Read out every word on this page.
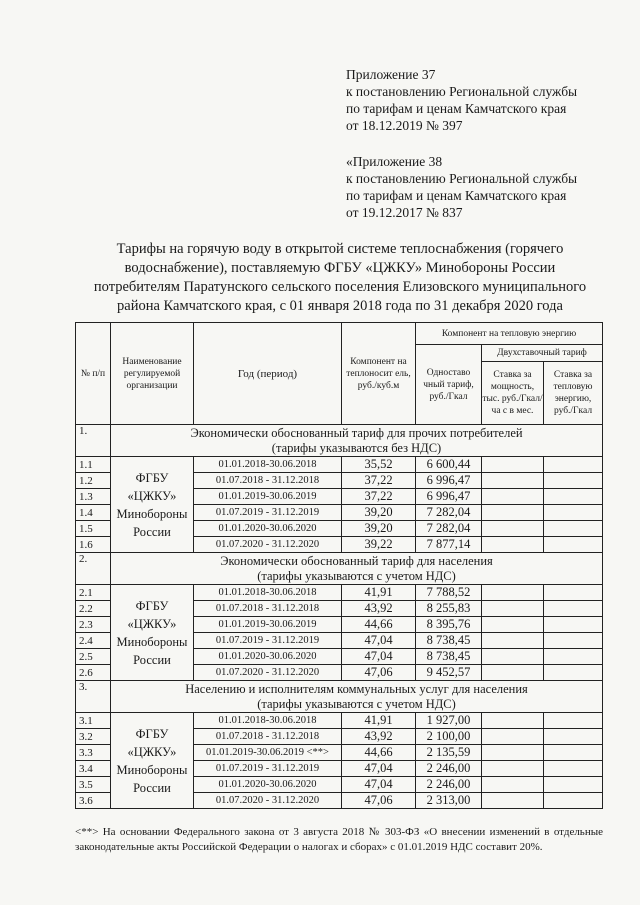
Приложение 37
к постановлению Региональной службы
по тарифам и ценам Камчатского края
от 18.12.2019 № 397
«Приложение 38
к постановлению Региональной службы
по тарифам и ценам Камчатского края
от 19.12.2017 № 837
Тарифы на горячую воду в открытой системе теплоснабжения (горячего
водоснабжение), поставляемую ФГБУ «ЦЖКУ» Минобороны России
потребителям Паратунского сельского поселения Елизовского муниципального
района Камчатского края, с 01 января 2018 года по 31 декабря 2020 года
№ п/п	Наименование регулируемой организации	Год (период)	Компонент на теплоносит ель, руб./куб.м	Компонент на тепловую энергию		
				Одноставо чный тариф, руб./Гкал	Двухставочный тариф	
					Ставка за мощность, тыс. руб./Гкал/ча с в мес.	Ставка за тепловую энергию, руб./Гкал
1.	Экономически обоснованный тариф для прочих потребителей
(тарифы указываются без НДС)					

1.1	ФГБУ «ЦЖКУ» Минобороны России	01.01.2018-30.06.2018	35,52	6 600,44		
1.2		01.07.2018 - 31.12.2018	37,22	6 996,47		
1.3		01.01.2019-30.06.2019	37,22	6 996,47		
1.4		01.07.2019 - 31.12.2019	39,20	7 282,04		
1.5		01.01.2020-30.06.2020	39,20	7 282,04		
1.6		01.07.2020 - 31.12.2020	39,22	7 877,14		
2.	Экономически обоснованный тариф для населения
(тарифы указываются с учетом НДС)					

2.1	ФГБУ «ЦЖКУ» Минобороны России	01.01.2018-30.06.2018	41,91	7 788,52		
2.2		01.07.2018 - 31.12.2018	43,92	8 255,83		
2.3		01.01.2019-30.06.2019	44,66	8 395,76		
2.4		01.07.2019 - 31.12.2019	47,04	8 738,45		
2.5		01.01.2020-30.06.2020	47,04	8 738,45		
2.6		01.07.2020 - 31.12.2020	47,06	9 452,57		
3.	Населению и исполнителям коммунальных услуг для населения
(тарифы указываются с учетом НДС)					

3.1	ФГБУ «ЦЖКУ» Минобороны России	01.01.2018-30.06.2018	41,91	1 927,00		
3.2		01.07.2018 - 31.12.2018	43,92	2 100,00		
3.3		01.01.2019-30.06.2019 <**>	44,66	2 135,59		
3.4		01.07.2019 - 31.12.2019	47,04	2 246,00		
3.5		01.01.2020-30.06.2020	47,04	2 246,00		
3.6		01.07.2020 - 31.12.2020	47,06	2 313,00		
<**> На основании Федерального закона от 3 августа 2018 № 303-ФЗ «О внесении изменений в отдельные законодательные акты Российской Федерации о налогах и сборах» с 01.01.2019 НДС составит 20%.
